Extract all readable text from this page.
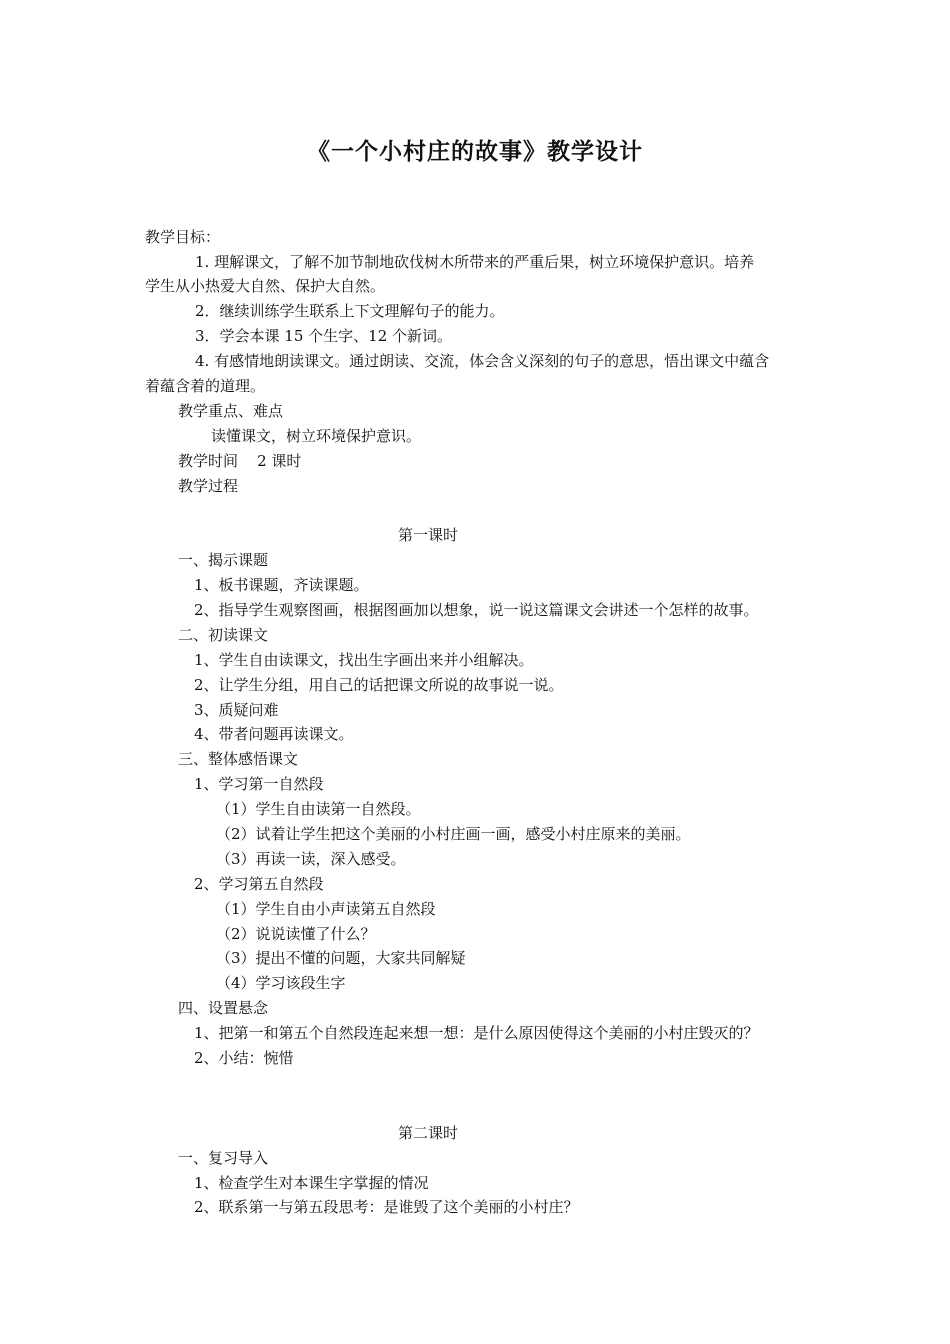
《一个小村庄的故事》教学设计
教学目标：
1. 理解课文，了解不加节制地砍伐树木所带来的严重后果，树立环境保护意识。培养
学生从小热爱大自然、保护大自然。
2．继续训练学生联系上下文理解句子的能力。
3．学会本课 15 个生字、12 个新词。
4. 有感情地朗读课文。通过朗读、交流，体会含义深刻的句子的意思，悟出课文中蕴含
着蕴含着的道理。
教学重点、难点
读懂课文，树立环境保护意识。
教学时间    2 课时
教学过程
第一课时
一、揭示课题
1、板书课题，齐读课题。
2、指导学生观察图画，根据图画加以想象，说一说这篇课文会讲述一个怎样的故事。
二、初读课文
1、学生自由读课文，找出生字画出来并小组解决。
2、让学生分组，用自己的话把课文所说的故事说一说。
3、质疑问难
4、带者问题再读课文。
三、整体感悟课文
1、学习第一自然段
（1）学生自由读第一自然段。
（2）试着让学生把这个美丽的小村庄画一画，感受小村庄原来的美丽。
（3）再读一读，深入感受。
2、学习第五自然段
（1）学生自由小声读第五自然段
（2）说说读懂了什么？
（3）提出不懂的问题，大家共同解疑
（4）学习该段生字
四、设置悬念
1、把第一和第五个自然段连起来想一想：是什么原因使得这个美丽的小村庄毁灭的？
2、小结：惋惜
第二课时
一、复习导入
1、检查学生对本课生字掌握的情况
2、联系第一与第五段思考：是谁毁了这个美丽的小村庄？
